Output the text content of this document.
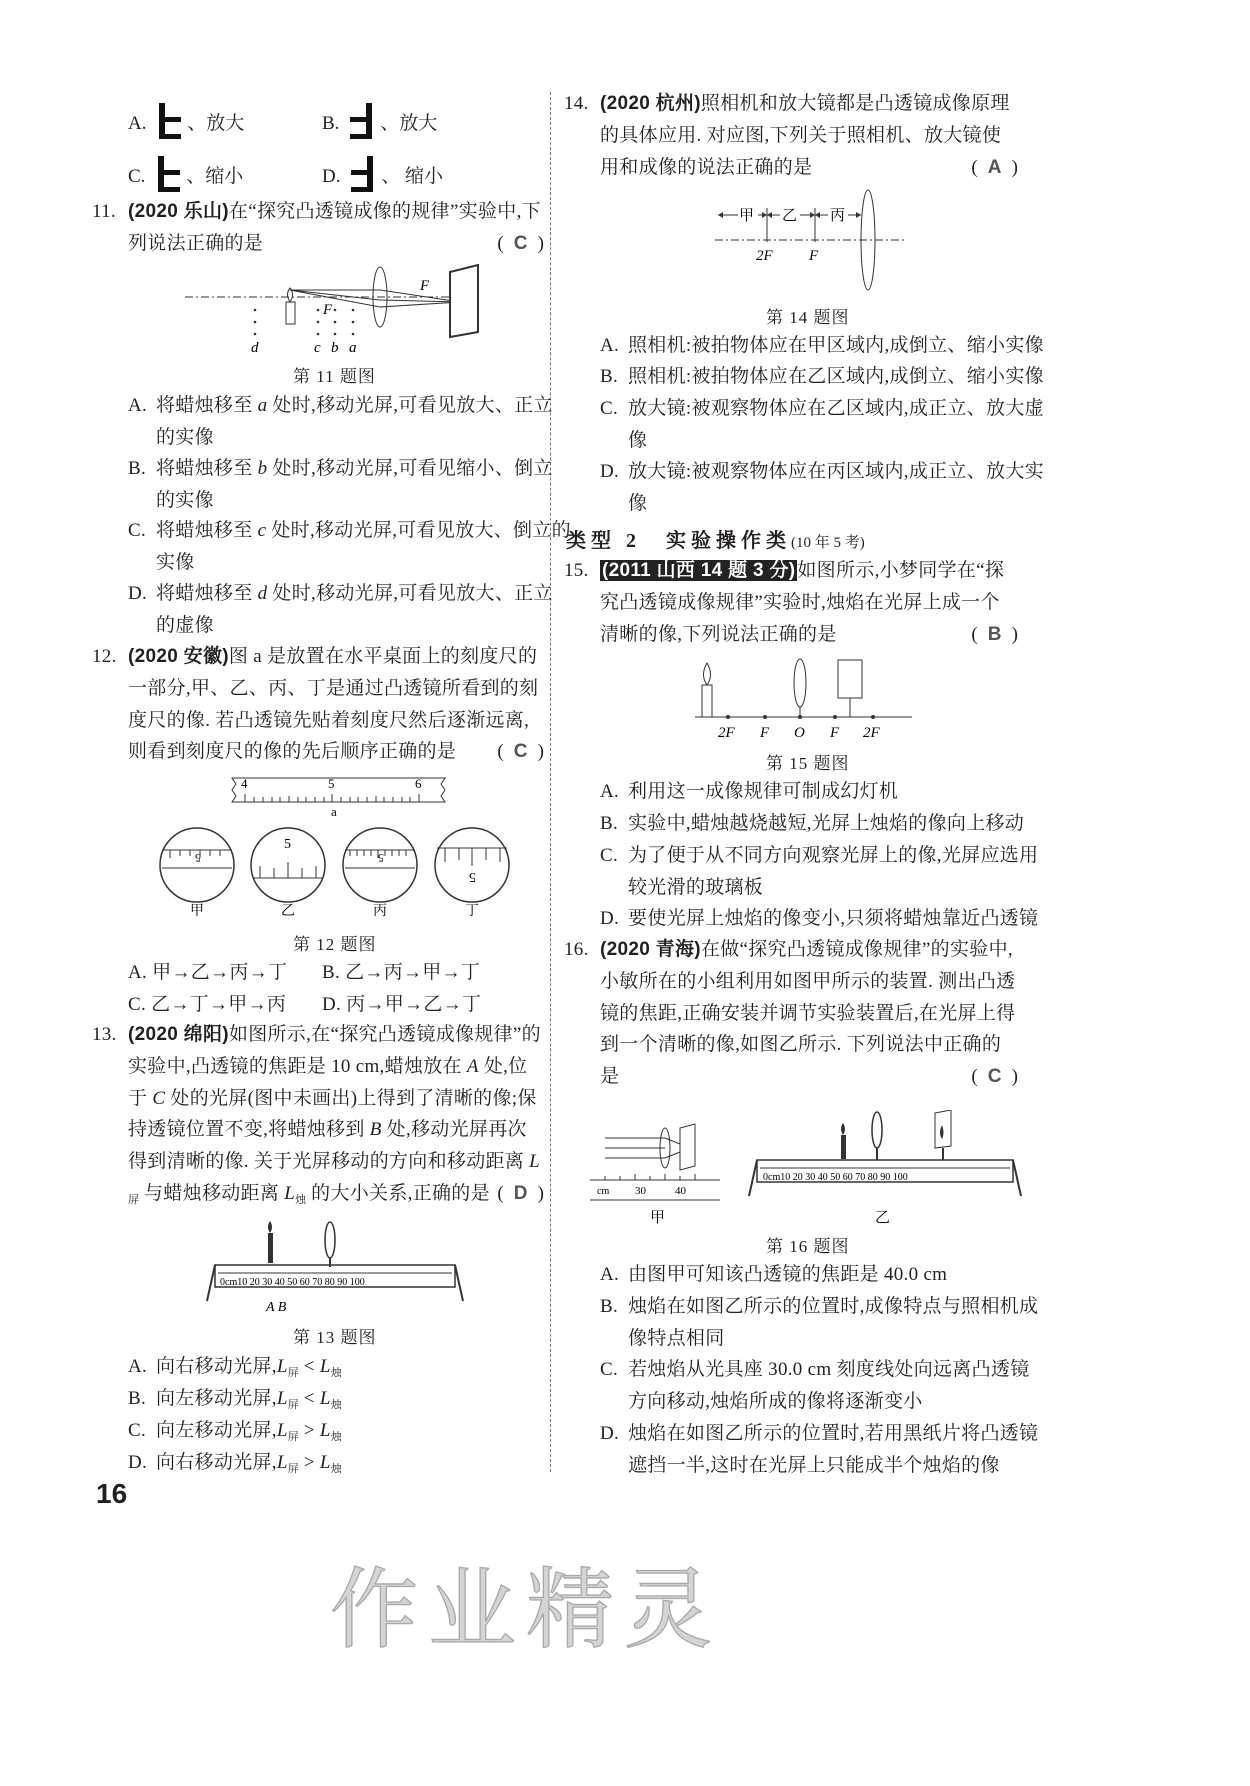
作业精灵
A. 、放大	B. 、放大
C. 、缩小	D. 、 缩小
11. (2020 乐山)在“探究凸透镜成像的规律”实验中,下列说法正确的是	( C )
F
F
d	c b a
第 11 题图
A. 将蜡烛移至 a 处时,移动光屏,可看见放大、正立的实像
B. 将蜡烛移至 b 处时,移动光屏,可看见缩小、倒立的实像
C. 将蜡烛移至 c 处时,移动光屏,可看见放大、倒立的实像
D. 将蜡烛移至 d 处时,移动光屏,可看见放大、正立的虚像
12. (2020 安徽)图 a 是放置在水平桌面上的刻度尺的一部分,甲、乙、丙、丁是通过凸透镜所看到的刻度尺的像. 若凸透镜先贴着刻度尺然后逐渐远离,则看到刻度尺的像的先后顺序正确的是 ( C )
4	5	6
a
5
5
5
5
甲	乙	丙	丁
第 12 题图
A. 甲→乙→丙→丁 B. 乙→丙→甲→丁
C. 乙→丁→甲→丙 D. 丙→甲→乙→丁
13. (2020 绵阳)如图所示,在“探究凸透镜成像规律”的实验中,凸透镜的焦距是 10 cm,蜡烛放在 A 处,位于 C 处的光屏(图中未画出)上得到了清晰的像;保持透镜位置不变,将蜡烛移到 B 处,移动光屏再次得到清晰的像. 关于光屏移动的方向和移动距离 $L_屏$ 与蜡烛移动距离 $L_烛$ 的大小关系,正确的是 ( D )
0cm10 20 30 40 50 60 70 80 90 100
A B
第 13 题图
A. 向右移动光屏$,L_屏 < L_烛$
B. 向左移动光屏$,L_屏 < L_烛$
C. 向左移动光屏$,L_屏 > L_烛$
D. 向右移动光屏$,L_屏 > L_烛$
14. (2020 杭州)照相机和放大镜都是凸透镜成像原理的具体应用. 对应图,下列关于照相机、放大镜使用和成像的说法正确的是	( A )
甲 乙 丙
2F F
第 14 题图
A. 照相机:被拍物体应在甲区域内,成倒立、缩小实像
B. 照相机:被拍物体应在乙区域内,成倒立、缩小实像
C. 放大镜:被观察物体应在乙区域内,成正立、放大虚像
D. 放大镜:被观察物体应在丙区域内,成正立、放大实像
类型 2　实验操作类(10 年 5 考)
15. (2011 山西 14 题 3 分) 如图所示,小梦同学在“探究凸透镜成像规律”实验时,烛焰在光屏上成一个清晰的像,下列说法正确的是	( B )
2F F O F 2F
第 15 题图
A. 利用这一成像规律可制成幻灯机
B. 实验中,蜡烛越烧越短,光屏上烛焰的像向上移动
C. 为了便于从不同方向观察光屏上的像,光屏应选用较光滑的玻璃板
D. 要使光屏上烛焰的像变小,只须将蜡烛靠近凸透镜
16. (2020 青海)在做“探究凸透镜成像规律”的实验中,小敏所在的小组利用如图甲所示的装置. 测出凸透镜的焦距,正确安装并调节实验装置后,在光屏上得到一个清晰的像,如图乙所示. 下列说法中正确的是	( C )
cm 30	40
甲
0cm10 20 30 40 50 60 70 80 90 100
乙
第 16 题图
A. 由图甲可知该凸透镜的焦距是 40.0 cm
B. 烛焰在如图乙所示的位置时,成像特点与照相机成像特点相同
C. 若烛焰从光具座 30.0 cm 刻度线处向远离凸透镜方向移动,烛焰所成的像将逐渐变小
D. 烛焰在如图乙所示的位置时,若用黑纸片将凸透镜遮挡一半,这时在光屏上只能成半个烛焰的像
16
